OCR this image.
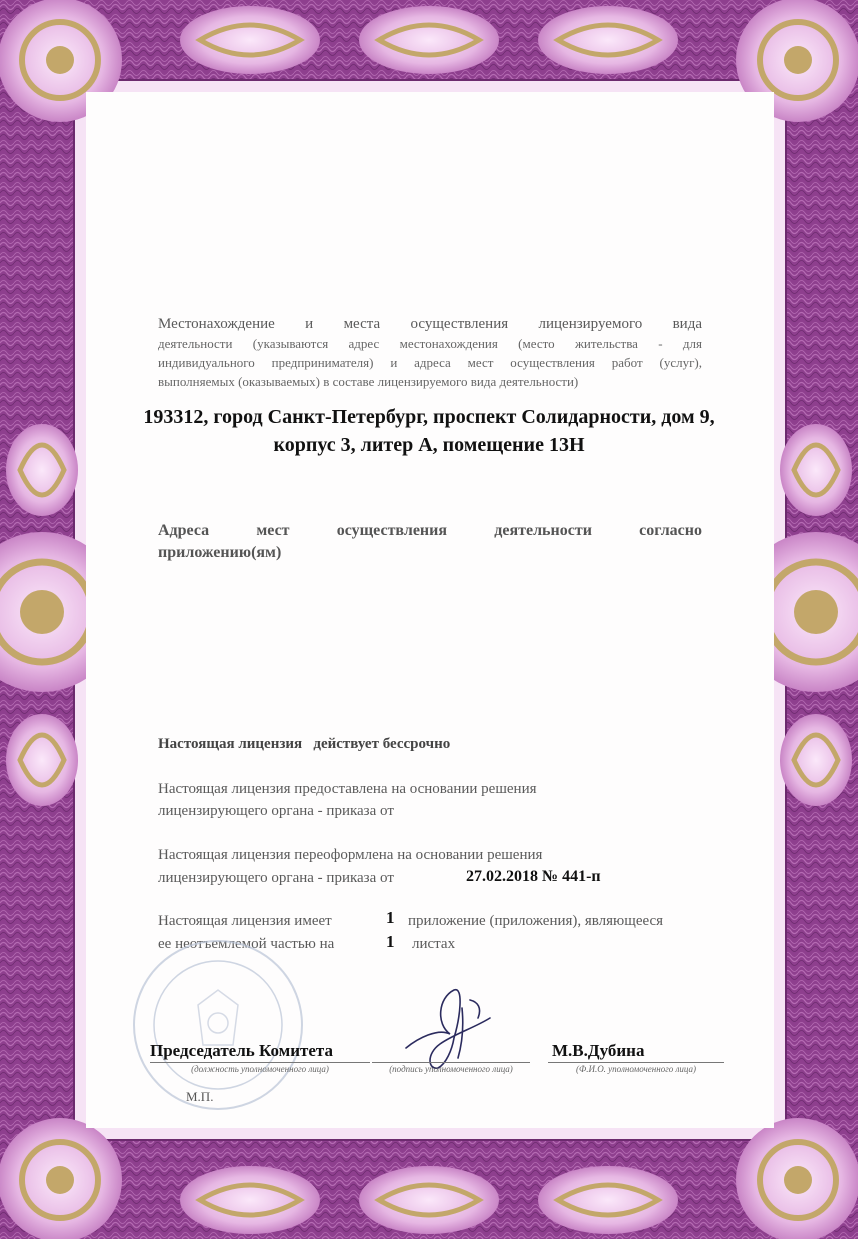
Местонахождение и места осуществления лицензируемого вида
деятельности (указываются адрес местонахождения (место жительства - для
индивидуального предпринимателя) и адреса мест осуществления работ (услуг),
выполняемых (оказываемых) в составе лицензируемого вида деятельности)
193312, город Санкт-Петербург, проспект Солидарности, дом 9,
корпус 3, литер А, помещение 13Н
Адреса мест осуществления деятельности согласно
приложению(ям)
Настоящая лицензия действует бессрочно
Настоящая лицензия предоставлена на основании решения
лицензирующего органа - приказа от
Настоящая лицензия переоформлена на основании решения
лицензирующего органа - приказа от	27.02.2018 № 441-п
Настоящая лицензия имеет	1 приложение (приложения), являющееся
ее неотъемлемой частью на	1 листах
Председатель Комитета
(должность уполномоченного лица)	(подпись уполномоченного лица)
М.В.Дубина
(Ф.И.О. уполномоченного лица)
М.П.
